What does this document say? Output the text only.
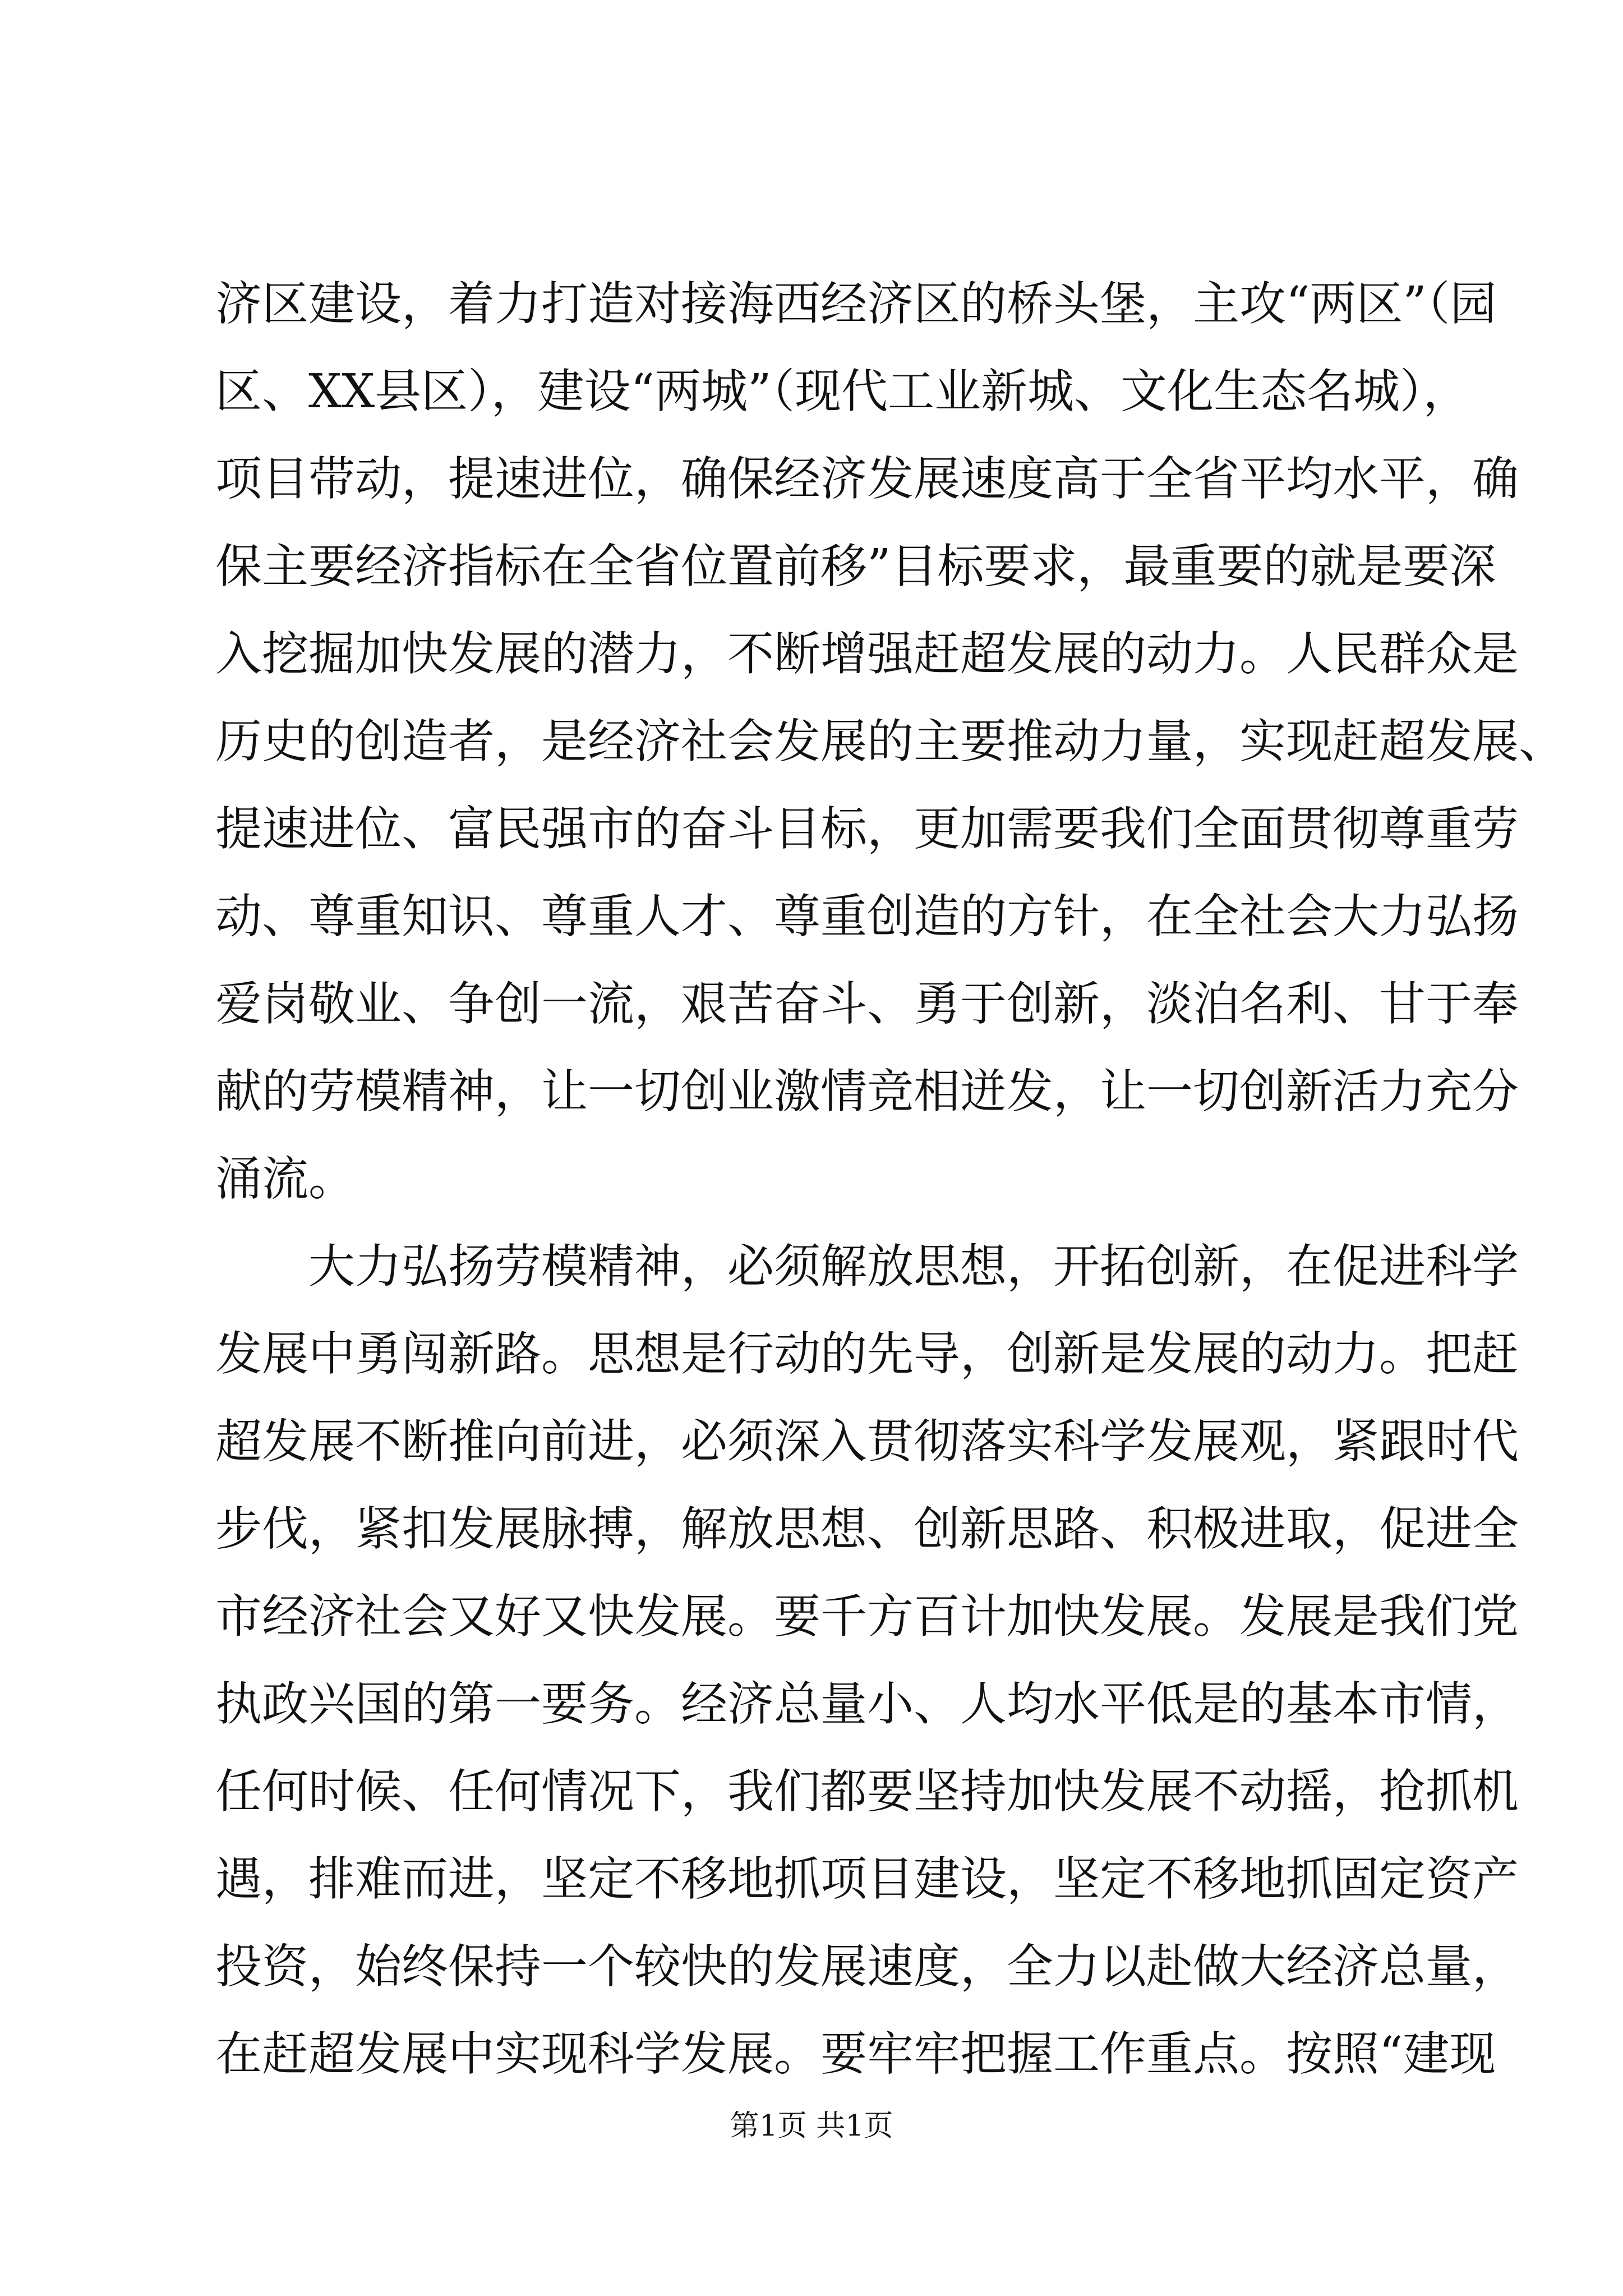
济区建设，着力打造对接海西经济区的桥头堡，主攻“两区”（园
区、XX县区），建设“两城”（现代工业新城、文化生态名城），
项目带动，提速进位，确保经济发展速度高于全省平均水平，确
保主要经济指标在全省位置前移”目标要求，最重要的就是要深
入挖掘加快发展的潜力，不断增强赶超发展的动力。人民群众是
历史的创造者，是经济社会发展的主要推动力量，实现赶超发展、
提速进位、富民强市的奋斗目标，更加需要我们全面贯彻尊重劳
动、尊重知识、尊重人才、尊重创造的方针，在全社会大力弘扬
爱岗敬业、争创一流，艰苦奋斗、勇于创新，淡泊名利、甘于奉
献的劳模精神，让一切创业激情竞相迸发，让一切创新活力充分
涌流。
大力弘扬劳模精神，必须解放思想，开拓创新，在促进科学
发展中勇闯新路。思想是行动的先导，创新是发展的动力。把赶
超发展不断推向前进，必须深入贯彻落实科学发展观，紧跟时代
步伐，紧扣发展脉搏，解放思想、创新思路、积极进取，促进全
市经济社会又好又快发展。要千方百计加快发展。发展是我们党
执政兴国的第一要务。经济总量小、人均水平低是的基本市情，
任何时候、任何情况下，我们都要坚持加快发展不动摇，抢抓机
遇，排难而进，坚定不移地抓项目建设，坚定不移地抓固定资产
投资，始终保持一个较快的发展速度，全力以赴做大经济总量，
在赶超发展中实现科学发展。要牢牢把握工作重点。按照“建现
第1页 共1页
